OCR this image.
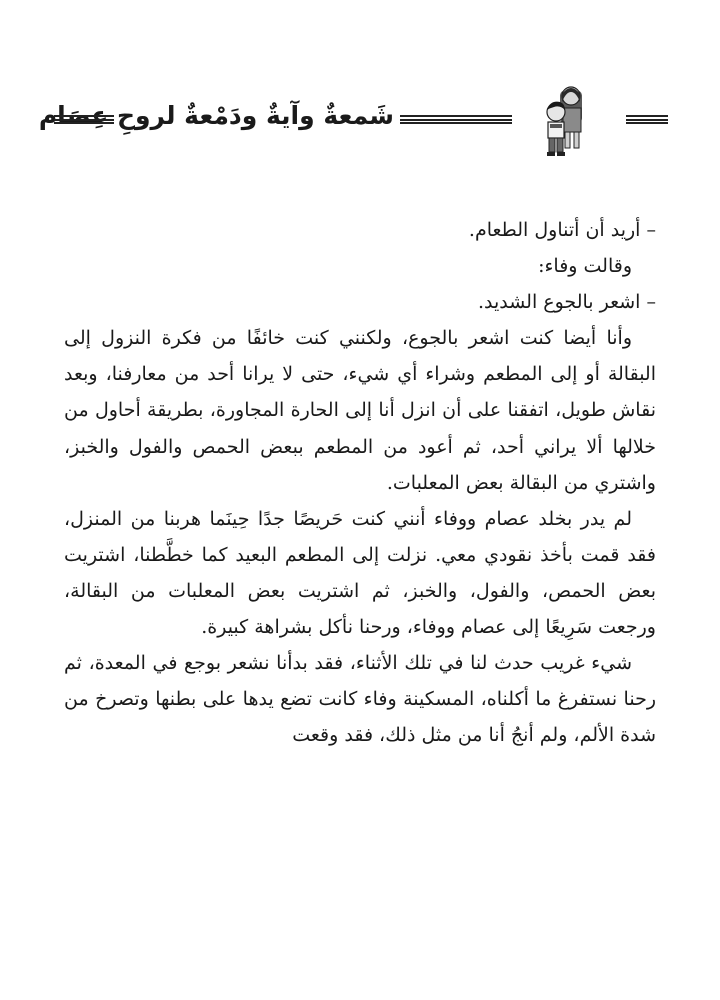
شَمعةٌ وآيةٌ ودَمْعةٌ لروحِ عِصَام

– أريد أن أتناول الطعام.

وقالت وفاء:

– اشعر بالجوع الشديد.

وأنا أيضا كنت اشعر بالجوع، ولكنني كنت خائفًا من فكرة النزول إلى البقالة أو إلى المطعم وشراء أي شيء، حتى لا يرانا أحد من معارفنا، وبعد نقاش طويل، اتفقنا على أن انزل أنا إلى الحارة المجاورة، بطريقة أحاول من خلالها ألا يراني أحد، ثم أعود من المطعم ببعض الحمص والفول والخبز، واشتري من البقالة بعض المعلبات.

لم يدر بخلد عصام ووفاء أنني كنت حَريصًا جدًا حِينَما هربنا من المنزل، فقد قمت بأخذ نقودي معي. نزلت إلى المطعم البعيد كما خطَّطنا، اشتريت بعض الحمص، والفول، والخبز، ثم اشتريت بعض المعلبات من البقالة، ورجعت سَرِيعًا إلى عصام ووفاء، ورحنا نأكل بشراهة كبيرة.

شيء غريب حدث لنا في تلك الأثناء، فقد بدأنا نشعر بوجع في المعدة، ثم رحنا نستفرغ ما أكلناه، المسكينة وفاء كانت تضع يدها على بطنها وتصرخ من شدة الألم، ولم أنجُ أنا من مثل ذلك، فقد وقعت
